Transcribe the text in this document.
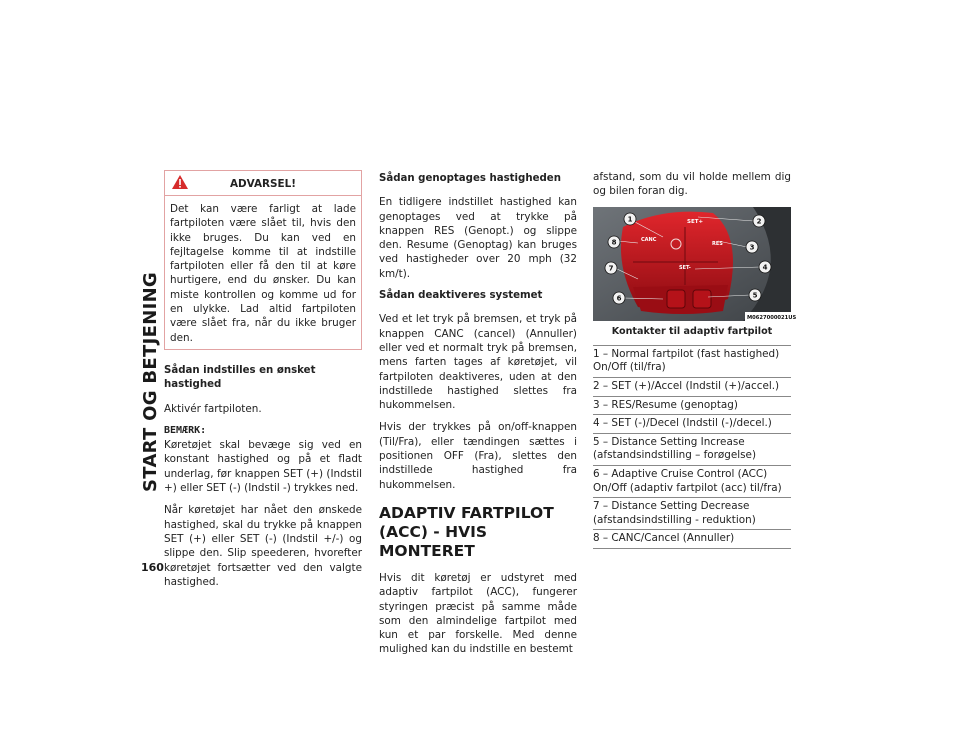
START OG BETJENING
160
ADVARSEL!
Det kan være farligt at lade fartpiloten være slået til, hvis den ikke bruges. Du kan ved en fejltagelse komme til at indstille fartpiloten eller få den til at køre hurtigere, end du ønsker. Du kan miste kontrollen og komme ud for en ulykke. Lad altid fartpiloten være slået fra, når du ikke bruger den.
Sådan indstilles en ønsket hastighed

Aktivér fartpiloten.

BEMÆRK:
Køretøjet skal bevæge sig ved en konstant hastighed og på et fladt underlag, før knappen SET (+) (Indstil +) eller SET (-) (Indstil -) trykkes ned.

Når køretøjet har nået den ønskede hastighed, skal du trykke på knappen SET (+) eller SET (-) (Indstil +/-) og slippe den. Slip speederen, hvorefter køretøjet fortsætter ved den valgte hastighed.

Sådan genoptages hastigheden

En tidligere indstillet hastighed kan genoptages ved at trykke på knappen RES (Genopt.) og slippe den. Resume (Genoptag) kan bruges ved hastigheder over 20 mph (32 km/t).

Sådan deaktiveres systemet

Ved et let tryk på bremsen, et tryk på knappen CANC (cancel) (Annuller) eller ved et normalt tryk på bremsen, mens farten tages af køretøjet, vil fartpiloten deaktiveres, uden at den indstillede hastighed slettes fra hukommelsen.

Hvis der trykkes på on/off-knappen (Til/Fra), eller tændingen sættes i positionen OFF (Fra), slettes den indstillede hastighed fra hukommelsen.

ADAPTIV FARTPILOT (ACC) - HVIS MONTERET

Hvis dit køretøj er udstyret med adaptiv fartpilot (ACC), fungerer styringen præcist på samme måde som den almindelige fartpilot med kun et par forskelle. Med denne mulighed kan du indstille en bestemt

afstand, som du vil holde mellem dig og bilen foran dig.

SET+
CANC
RES
SET-
1	2
3
4
5
6
7
8
M0627000021US
Kontakter til adaptiv fartpilot
1 – Normal fartpilot (fast hastighed) On/Off (til/fra)
2 – SET (+)/Accel (Indstil (+)/accel.)
3 – RES/Resume (genoptag)
4 – SET (-)/Decel (Indstil (-)/decel.)
5 – Distance Setting Increase (afstandsindstilling – forøgelse)
6 – Adaptive Cruise Control (ACC) On/Off (adaptiv fartpilot (acc) til/fra)
7 – Distance Setting Decrease (afstandsindstilling - reduktion)
8 – CANC/Cancel (Annuller)
